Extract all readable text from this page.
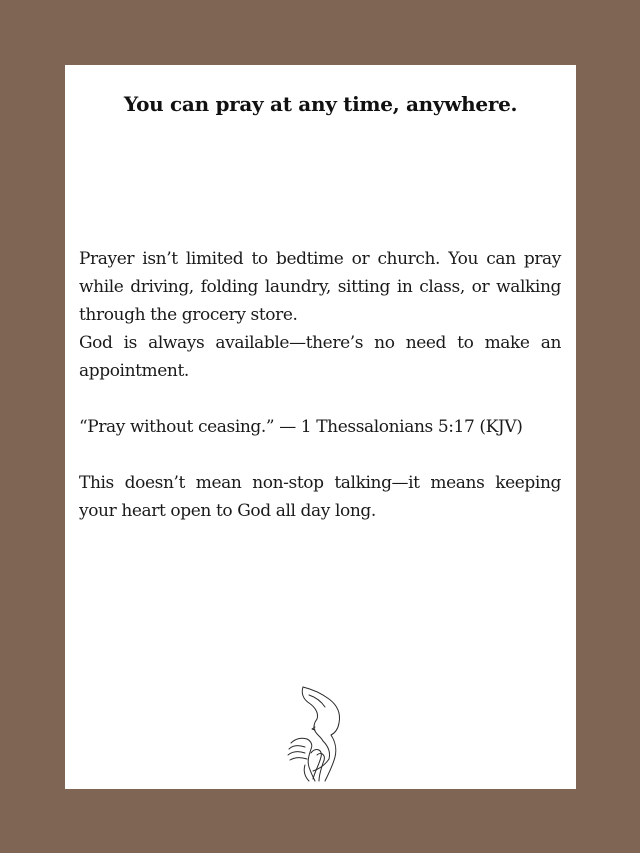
You can pray at any time, anywhere.

Prayer isn’t limited to bedtime or church. You can pray while driving, folding laundry, sitting in class, or walking through the grocery store.

God is always available—there’s no need to make an appointment.

“Pray without ceasing.” — 1 Thessalonians 5:17 (KJV)

This doesn’t mean non-stop talking—it means keeping your heart open to God all day long.
